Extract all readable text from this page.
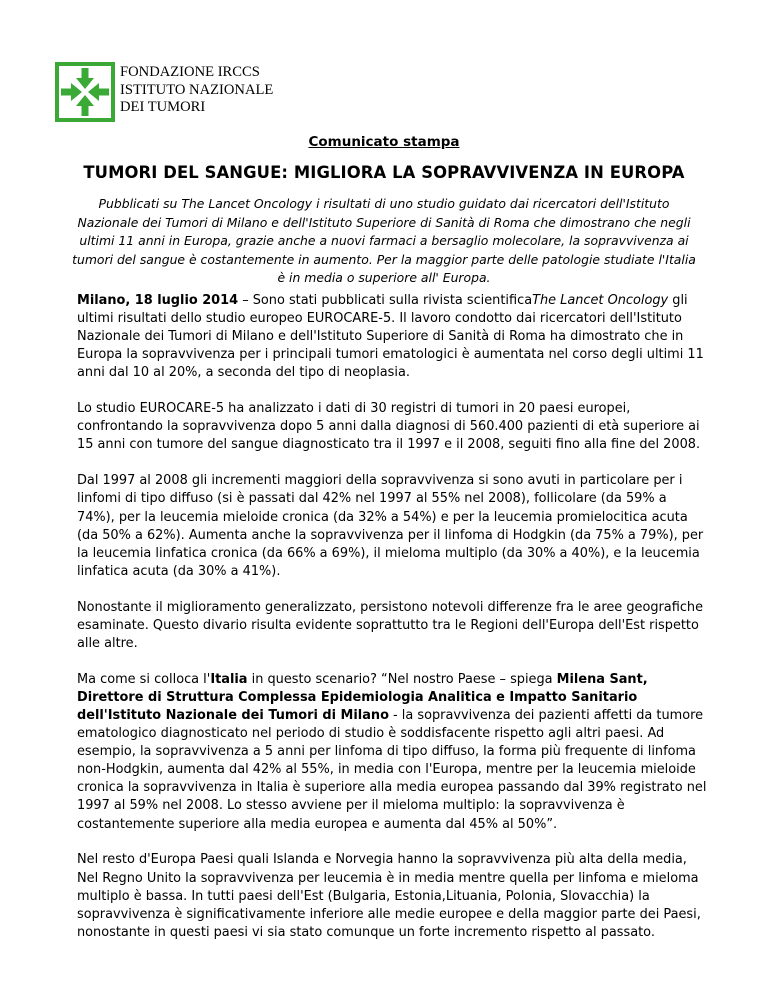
FONDAZIONE IRCCS
ISTITUTO NAZIONALE
DEI TUMORI
Comunicato stampa
TUMORI DEL SANGUE: MIGLIORA LA SOPRAVVIVENZA IN EUROPA
Pubblicati su The Lancet Oncology i risultati di uno studio guidato dai ricercatori dell'Istituto Nazionale dei Tumori di Milano e dell'Istituto Superiore di Sanità di Roma che dimostrano che negli ultimi 11 anni in Europa, grazie anche a nuovi farmaci a bersaglio molecolare, la sopravvivenza ai tumori del sangue è costantemente in aumento. Per la maggior parte delle patologie studiate l'Italia è in media o superiore all' Europa.

Milano, 18 luglio 2014 – Sono stati pubblicati sulla rivista scientificaThe Lancet Oncology gli ultimi risultati dello studio europeo EUROCARE-5. Il lavoro condotto dai ricercatori dell'Istituto Nazionale dei Tumori di Milano e dell'Istituto Superiore di Sanità di Roma ha dimostrato che in Europa la sopravvivenza per i principali tumori ematologici è aumentata nel corso degli ultimi 11 anni dal 10 al 20%, a seconda del tipo di neoplasia.

Lo studio EUROCARE-5 ha analizzato i dati di 30 registri di tumori in 20 paesi europei, confrontando la sopravvivenza dopo 5 anni dalla diagnosi di 560.400 pazienti di età superiore ai 15 anni con tumore del sangue diagnosticato tra il 1997 e il 2008, seguiti fino alla fine del 2008.

Dal 1997 al 2008 gli incrementi maggiori della sopravvivenza si sono avuti in particolare per i linfomi di tipo diffuso (si è passati dal 42% nel 1997 al 55% nel 2008), follicolare (da 59% a 74%), per la leucemia mieloide cronica (da 32% a 54%) e per la leucemia promielocitica acuta (da 50% a 62%). Aumenta anche la sopravvivenza per il linfoma di Hodgkin (da 75% a 79%), per la leucemia linfatica cronica (da 66% a 69%), il mieloma multiplo (da 30% a 40%), e la leucemia linfatica acuta (da 30% a 41%).

Nonostante il miglioramento generalizzato, persistono notevoli differenze fra le aree geografiche esaminate. Questo divario risulta evidente soprattutto tra le Regioni dell'Europa dell'Est rispetto alle altre.

Ma come si colloca l'Italia in questo scenario? “Nel nostro Paese – spiega Milena Sant, Direttore di Struttura Complessa Epidemiologia Analitica e Impatto Sanitario dell'Istituto Nazionale dei Tumori di Milano - la sopravvivenza dei pazienti affetti da tumore ematologico diagnosticato nel periodo di studio è soddisfacente rispetto agli altri paesi. Ad esempio, la sopravvivenza a 5 anni per linfoma di tipo diffuso, la forma più frequente di linfoma non-Hodgkin, aumenta dal 42% al 55%, in media con l'Europa, mentre per la leucemia mieloide cronica la sopravvivenza in Italia è superiore alla media europea passando dal 39% registrato nel 1997 al 59% nel 2008. Lo stesso avviene per il mieloma multiplo: la sopravvivenza è costantemente superiore alla media europea e aumenta dal 45% al 50%”.

Nel resto d'Europa Paesi quali Islanda e Norvegia hanno la sopravvivenza più alta della media, Nel Regno Unito la sopravvivenza per leucemia è in media mentre quella per linfoma e mieloma multiplo è bassa. In tutti paesi dell'Est (Bulgaria, Estonia,Lituania, Polonia, Slovacchia) la sopravvivenza è significativamente inferiore alle medie europee e della maggior parte dei Paesi, nonostante in questi paesi vi sia stato comunque un forte incremento rispetto al passato.
